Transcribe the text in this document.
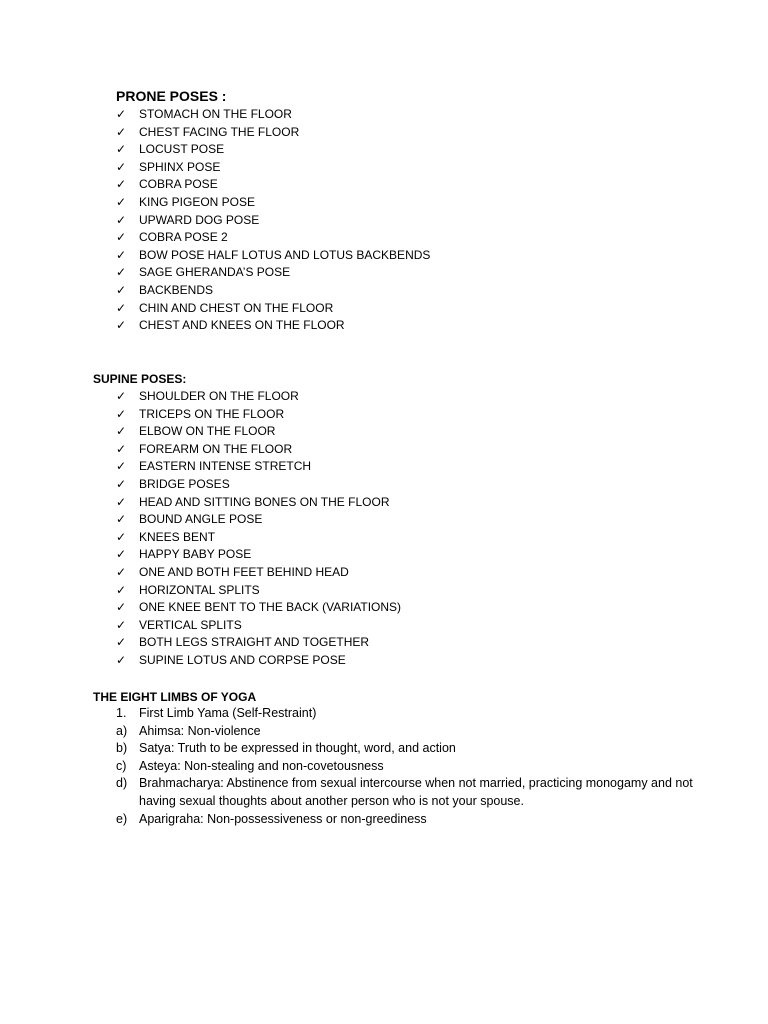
PRONE POSES :
✓	STOMACH ON THE FLOOR
✓	CHEST FACING THE FLOOR
✓	LOCUST POSE
✓	SPHINX POSE
✓	COBRA POSE
✓	KING PIGEON POSE
✓	UPWARD DOG POSE
✓	COBRA POSE 2
✓	BOW POSE HALF LOTUS AND LOTUS BACKBENDS
✓	SAGE GHERANDA’S POSE
✓	BACKBENDS
✓	CHIN AND CHEST ON THE FLOOR
✓	CHEST AND KNEES ON THE FLOOR
SUPINE POSES:
✓	SHOULDER ON THE FLOOR
✓	TRICEPS ON THE FLOOR
✓	ELBOW ON THE FLOOR
✓	FOREARM ON THE FLOOR
✓	EASTERN INTENSE STRETCH
✓	BRIDGE POSES
✓	HEAD AND SITTING BONES ON THE FLOOR
✓	BOUND ANGLE POSE
✓	KNEES BENT
✓	HAPPY BABY POSE
✓	ONE AND BOTH FEET BEHIND HEAD
✓	HORIZONTAL SPLITS
✓	ONE KNEE BENT TO THE BACK (VARIATIONS)
✓	VERTICAL SPLITS
✓	BOTH LEGS STRAIGHT AND TOGETHER
✓	SUPINE LOTUS AND CORPSE POSE
THE EIGHT LIMBS OF YOGA
1. First Limb Yama (Self-Restraint)
a) Ahimsa: Non-violence
b) Satya: Truth to be expressed in thought, word, and action
c) Asteya: Non-stealing and non-covetousness
d) Brahmacharya: Abstinence from sexual intercourse when not married, practicing monogamy and not having sexual thoughts about another person who is not your spouse.
e) Aparigraha: Non-possessiveness or non-greediness
